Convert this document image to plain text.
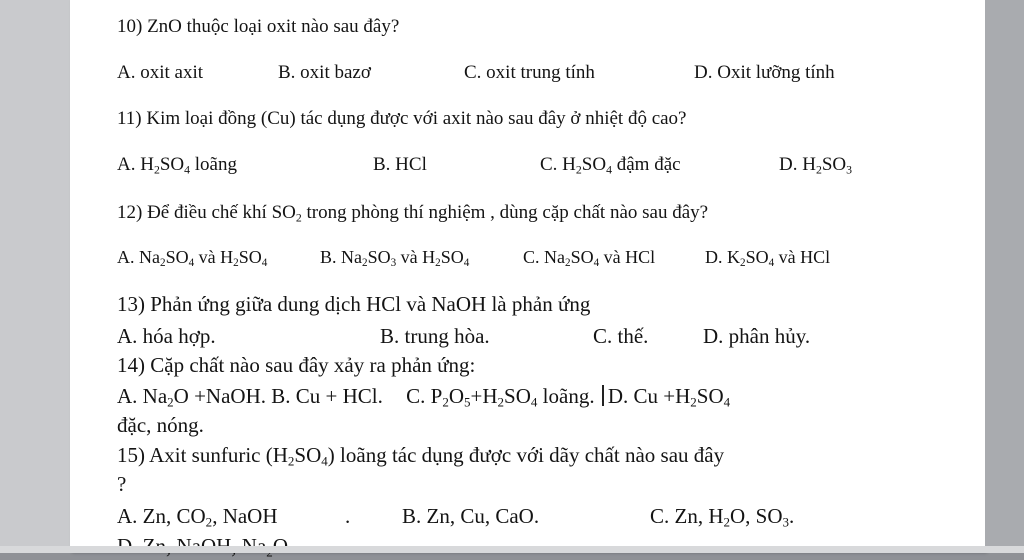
10) ZnO thuộc loại oxit nào sau đây?
A. oxit axit	B. oxit bazơ	C. oxit trung tính	D. Oxit lưỡng tính
11) Kim loại đồng (Cu) tác dụng được với axit nào sau đây ở nhiệt độ cao?
A. $H_2SO_4$ loãng	B. HCl	C. $H_2SO_4$ đậm đặc	D. $H_2SO_3$
12) Để điều chế khí $SO_2$ trong phòng thí nghiệm , dùng cặp chất nào sau đây?
A. $Na_2SO_4$ và $H_2SO_4$	B. $Na_2SO_3$ và $H_2SO_4$	C. $Na_2SO_4$ và HCl	D. $K_2SO_4$ và HCl
13) Phản ứng giữa dung dịch HCl và NaOH là phản ứng
A. hóa hợp.	B. trung hòa.	C. thế.	D. phân hủy.
14) Cặp chất nào sau đây xảy ra phản ứng:
A. $Na_2O$ +NaOH. B. Cu + HCl. C. $P_2O_5+H_2SO_4$ loãng. D. $Cu +H_2SO_4$
đặc, nóng.
15) Axit sunfuric $(H_2SO_4)$ loãng tác dụng được với dãy chất nào sau đây
?
A. Zn, $CO_2$, NaOH	. B. Zn, Cu, CaO.	C. Zn, $H_2O$, $SO_3$.
